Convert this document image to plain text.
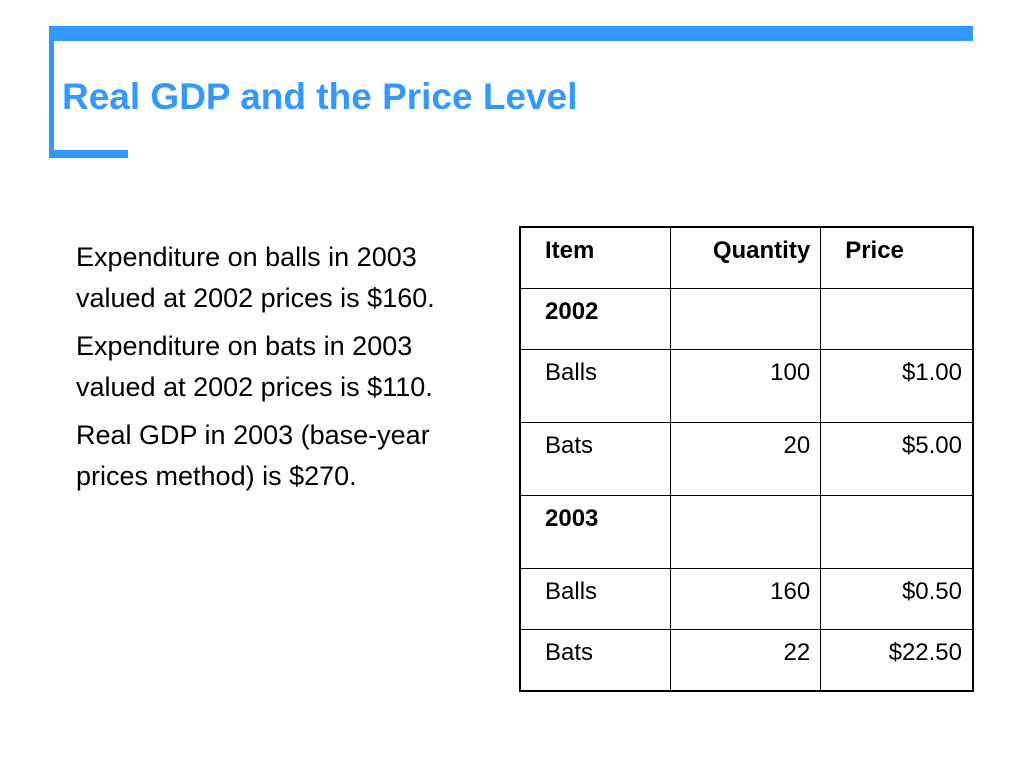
Real GDP and the Price Level

Expenditure on balls in 2003 valued at 2002 prices is $160.

Expenditure on bats in 2003 valued at 2002 prices is $110.

Real GDP in 2003 (base-year prices method) is $270.

Item	Quantity	Price
2002		
Balls	100	$1.00
Bats	20	$5.00
2003		
Balls	160	$0.50
Bats	22	$22.50
